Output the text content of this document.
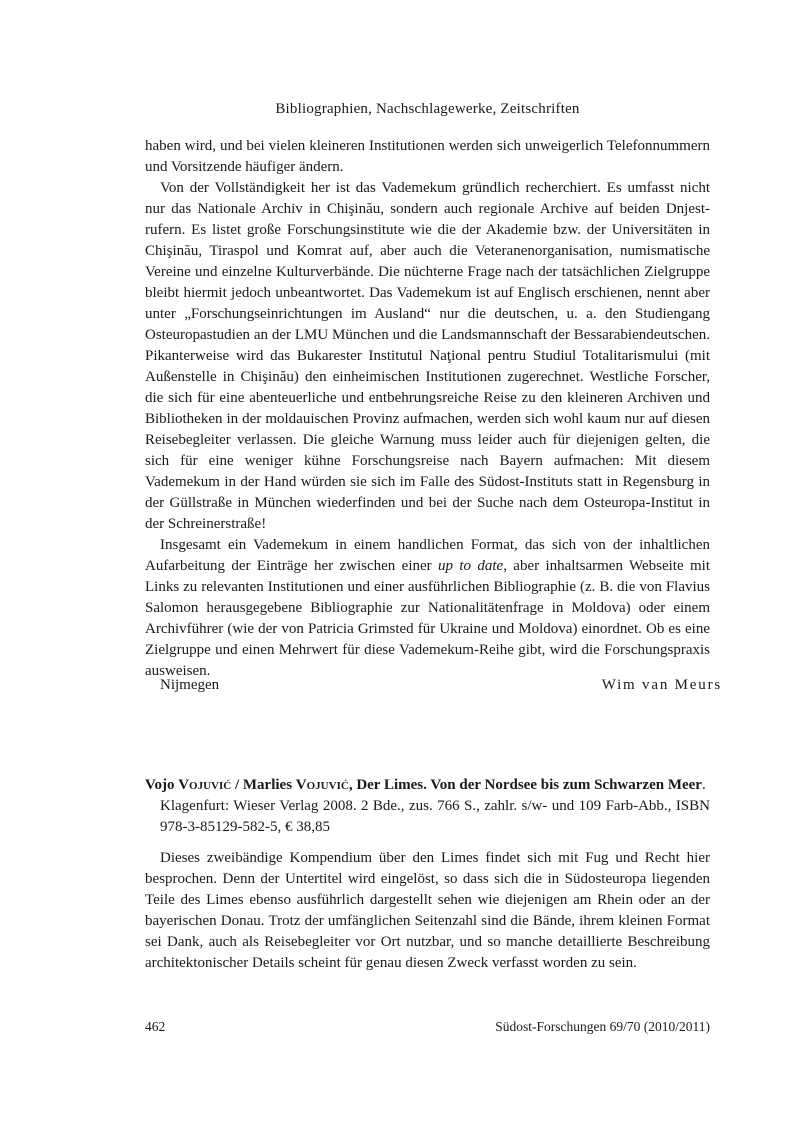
Bibliographien, Nachschlagewerke, Zeitschriften

haben wird, und bei vielen kleineren Institutionen werden sich unweigerlich Telefonnummern und Vorsitzende häufiger ändern.

Von der Vollständigkeit her ist das Vademekum gründlich recherchiert. Es umfasst nicht nur das Nationale Archiv in Chişinău, sondern auch regionale Archive auf beiden Dnjestrufern. Es listet große Forschungsinstitute wie die der Akademie bzw. der Universitäten in Chişinău, Tiraspol und Komrat auf, aber auch die Veteranenorganisation, numismatische Vereine und einzelne Kulturverbände. Die nüchterne Frage nach der tatsächlichen Zielgruppe bleibt hiermit jedoch unbeantwortet. Das Vademekum ist auf Englisch erschienen, nennt aber unter „Forschungseinrichtungen im Ausland“ nur die deutschen, u. a. den Studiengang Osteuropastudien an der LMU München und die Landsmannschaft der Bessarabiendeutschen. Pikanterweise wird das Bukarester Institutul Naţional pentru Studiul Totalitarismului (mit Außenstelle in Chişinău) den einheimischen Institutionen zugerechnet. Westliche Forscher, die sich für eine abenteuerliche und entbehrungsreiche Reise zu den kleineren Archiven und Bibliotheken in der moldauischen Provinz aufmachen, werden sich wohl kaum nur auf diesen Reisebegleiter verlassen. Die gleiche Warnung muss leider auch für diejenigen gelten, die sich für eine weniger kühne Forschungsreise nach Bayern aufmachen: Mit diesem Vademekum in der Hand würden sie sich im Falle des Südost-Instituts statt in Regensburg in der Güllstraße in München wiederfinden und bei der Suche nach dem Osteuropa-Institut in der Schreinerstraße!

Insgesamt ein Vademekum in einem handlichen Format, das sich von der inhaltlichen Aufarbeitung der Einträge her zwischen einer up to date, aber inhaltsarmen Webseite mit Links zu relevanten Institutionen und einer ausführlichen Bibliographie (z. B. die von Flavius Salomon herausgegebene Bibliographie zur Nationalitätenfrage in Moldova) oder einem Archivführer (wie der von Patricia Grimsted für Ukraine und Moldova) einordnet. Ob es eine Zielgruppe und einen Mehrwert für diese Vademekum-Reihe gibt, wird die Forschungspraxis ausweisen.

Nijmegen	Wim van Meurs
Vojo Vojuvić / Marlies Vojuvić, Der Limes. Von der Nordsee bis zum Schwarzen Meer.
Klagenfurt: Wieser Verlag 2008. 2 Bde., zus. 766 S., zahlr. s/w- und 109 Farb-Abb., ISBN 978-3-85129-582-5, € 38,85

Dieses zweibändige Kompendium über den Limes findet sich mit Fug und Recht hier besprochen. Denn der Untertitel wird eingelöst, so dass sich die in Südosteuropa liegenden Teile des Limes ebenso ausführlich dargestellt sehen wie diejenigen am Rhein oder an der bayerischen Donau. Trotz der umfänglichen Seitenzahl sind die Bände, ihrem kleinen Format sei Dank, auch als Reisebegleiter vor Ort nutzbar, und so manche detaillierte Beschreibung architektonischer Details scheint für genau diesen Zweck verfasst worden zu sein.

462	Südost-Forschungen 69/70 (2010/2011)
